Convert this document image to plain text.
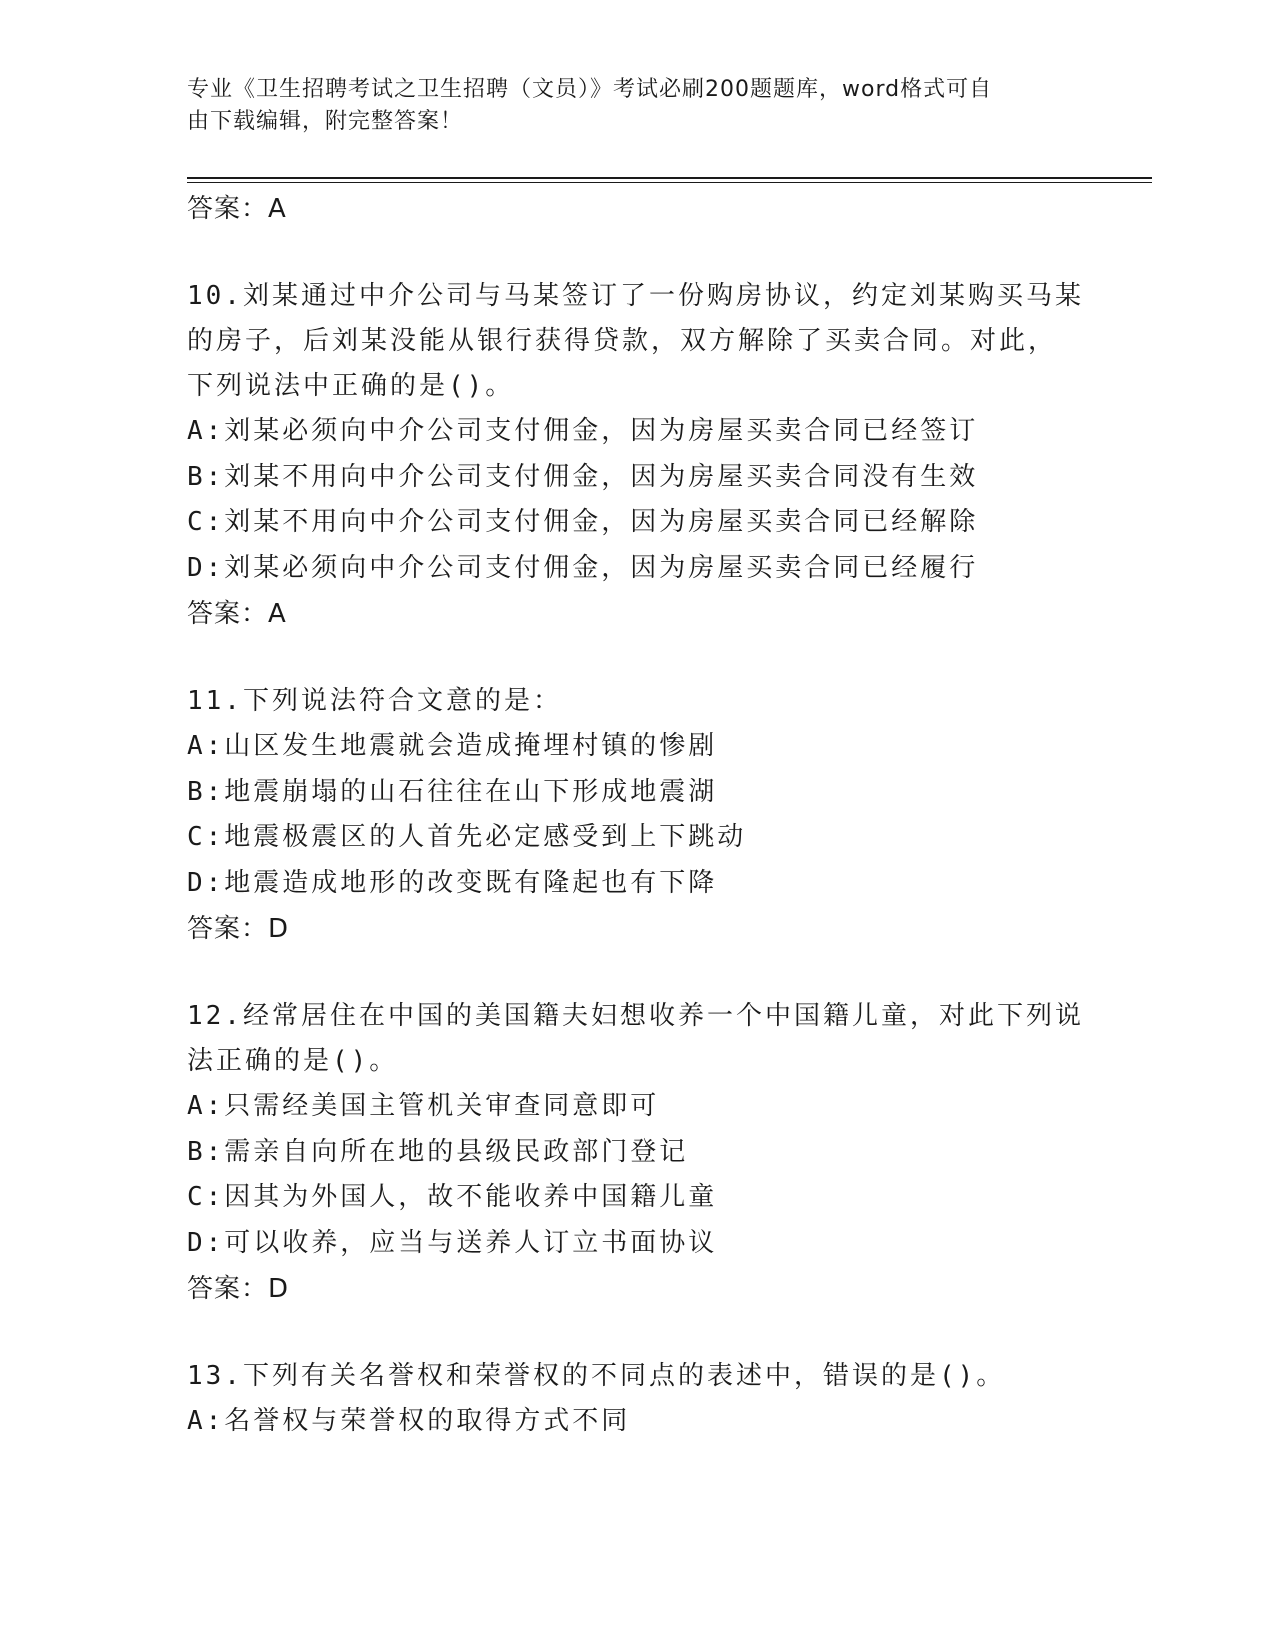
专业《卫生招聘考试之卫生招聘（文员）》考试必刷200题题库，word格式可自
由下载编辑，附完整答案！
答案：A
10.刘某通过中介公司与马某签订了一份购房协议，约定刘某购买马某
的房子，后刘某没能从银行获得贷款，双方解除了买卖合同。对此，
下列说法中正确的是()。
A:刘某必须向中介公司支付佣金，因为房屋买卖合同已经签订
B:刘某不用向中介公司支付佣金，因为房屋买卖合同没有生效
C:刘某不用向中介公司支付佣金，因为房屋买卖合同已经解除
D:刘某必须向中介公司支付佣金，因为房屋买卖合同已经履行
答案：A
11.下列说法符合文意的是：
A:山区发生地震就会造成掩埋村镇的惨剧
B:地震崩塌的山石往往在山下形成地震湖
C:地震极震区的人首先必定感受到上下跳动
D:地震造成地形的改变既有隆起也有下降
答案：D
12.经常居住在中国的美国籍夫妇想收养一个中国籍儿童，对此下列说
法正确的是()。
A:只需经美国主管机关审查同意即可
B:需亲自向所在地的县级民政部门登记
C:因其为外国人，故不能收养中国籍儿童
D:可以收养，应当与送养人订立书面协议
答案：D
13.下列有关名誉权和荣誉权的不同点的表述中，错误的是()。
A:名誉权与荣誉权的取得方式不同
